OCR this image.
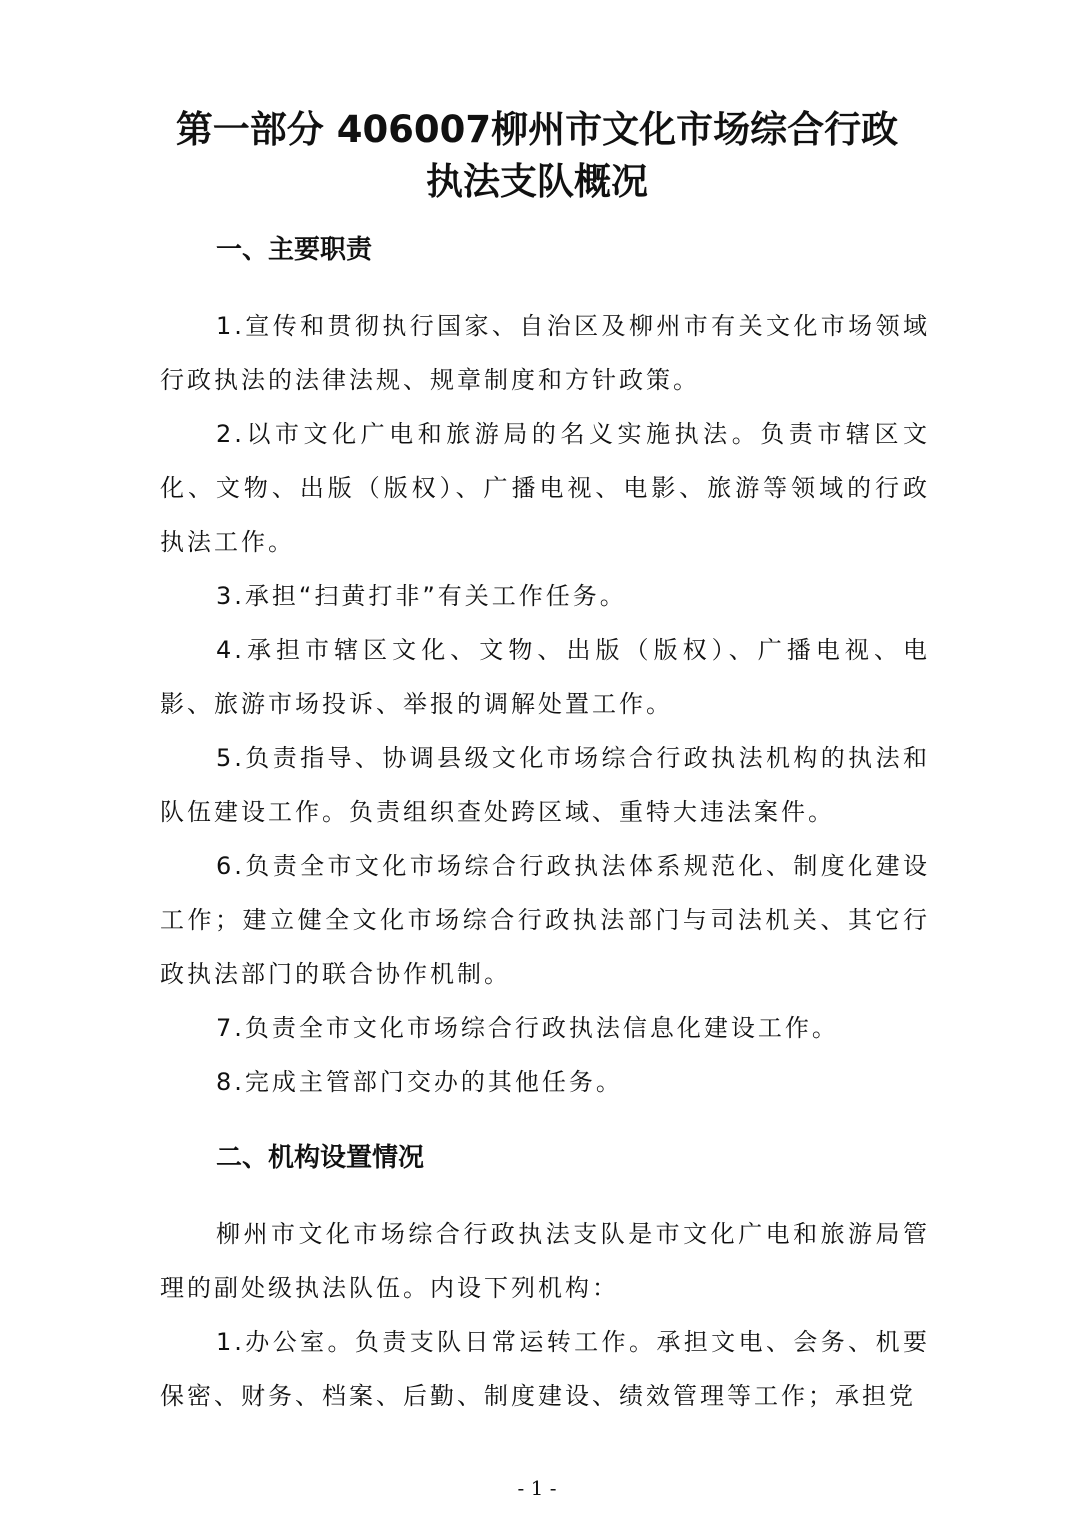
第一部分 406007柳州市文化市场综合行政
执法支队概况
一、主要职责

1.宣传和贯彻执行国家、自治区及柳州市有关文化市场领域行政执法的法律法规、规章制度和方针政策。

2.以市文化广电和旅游局的名义实施执法。负责市辖区文化、文物、出版（版权）、广播电视、电影、旅游等领域的行政执法工作。

3.承担“扫黄打非”有关工作任务。

4.承担市辖区文化、文物、出版（版权）、广播电视、电影、旅游市场投诉、举报的调解处置工作。

5.负责指导、协调县级文化市场综合行政执法机构的执法和队伍建设工作。负责组织查处跨区域、重特大违法案件。

6.负责全市文化市场综合行政执法体系规范化、制度化建设工作；建立健全文化市场综合行政执法部门与司法机关、其它行政执法部门的联合协作机制。

7.负责全市文化市场综合行政执法信息化建设工作。

8.完成主管部门交办的其他任务。

二、机构设置情况

柳州市文化市场综合行政执法支队是市文化广电和旅游局管理的副处级执法队伍。内设下列机构：

1.办公室。负责支队日常运转工作。承担文电、会务、机要保密、财务、档案、后勤、制度建设、绩效管理等工作；承担党

- 1 -
